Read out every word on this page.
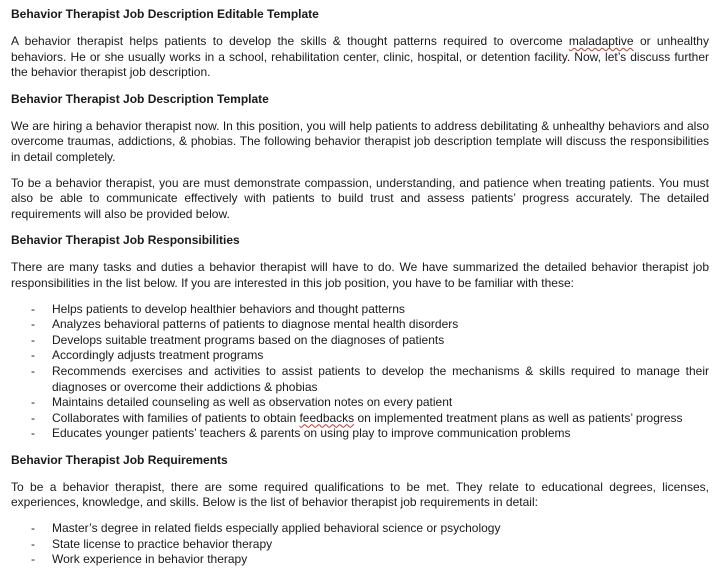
Behavior Therapist Job Description Editable Template

A behavior therapist helps patients to develop the skills & thought patterns required to overcome maladaptive or unhealthy behaviors. He or she usually works in a school, rehabilitation center, clinic, hospital, or detention facility. Now, let’s discuss further the behavior therapist job description.

Behavior Therapist Job Description Template

We are hiring a behavior therapist now. In this position, you will help patients to address debilitating & unhealthy behaviors and also overcome traumas, addictions, & phobias. The following behavior therapist job description template will discuss the responsibilities in detail completely.

To be a behavior therapist, you are must demonstrate compassion, understanding, and patience when treating patients. You must also be able to communicate effectively with patients to build trust and assess patients’ progress accurately. The detailed requirements will also be provided below.

Behavior Therapist Job Responsibilities

There are many tasks and duties a behavior therapist will have to do. We have summarized the detailed behavior therapist job responsibilities in the list below. If you are interested in this job position, you have to be familiar with these:

- Helps patients to develop healthier behaviors and thought patterns
- Analyzes behavioral patterns of patients to diagnose mental health disorders
- Develops suitable treatment programs based on the diagnoses of patients
- Accordingly adjusts treatment programs
- Recommends exercises and activities to assist patients to develop the mechanisms & skills required to manage their diagnoses or overcome their addictions & phobias
- Maintains detailed counseling as well as observation notes on every patient
- Collaborates with families of patients to obtain feedbacks on implemented treatment plans as well as patients’ progress
- Educates younger patients’ teachers & parents on using play to improve communication problems
Behavior Therapist Job Requirements

To be a behavior therapist, there are some required qualifications to be met. They relate to educational degrees, licenses, experiences, knowledge, and skills. Below is the list of behavior therapist job requirements in detail:

- Master’s degree in related fields especially applied behavioral science or psychology
- State license to practice behavior therapy
- Work experience in behavior therapy
